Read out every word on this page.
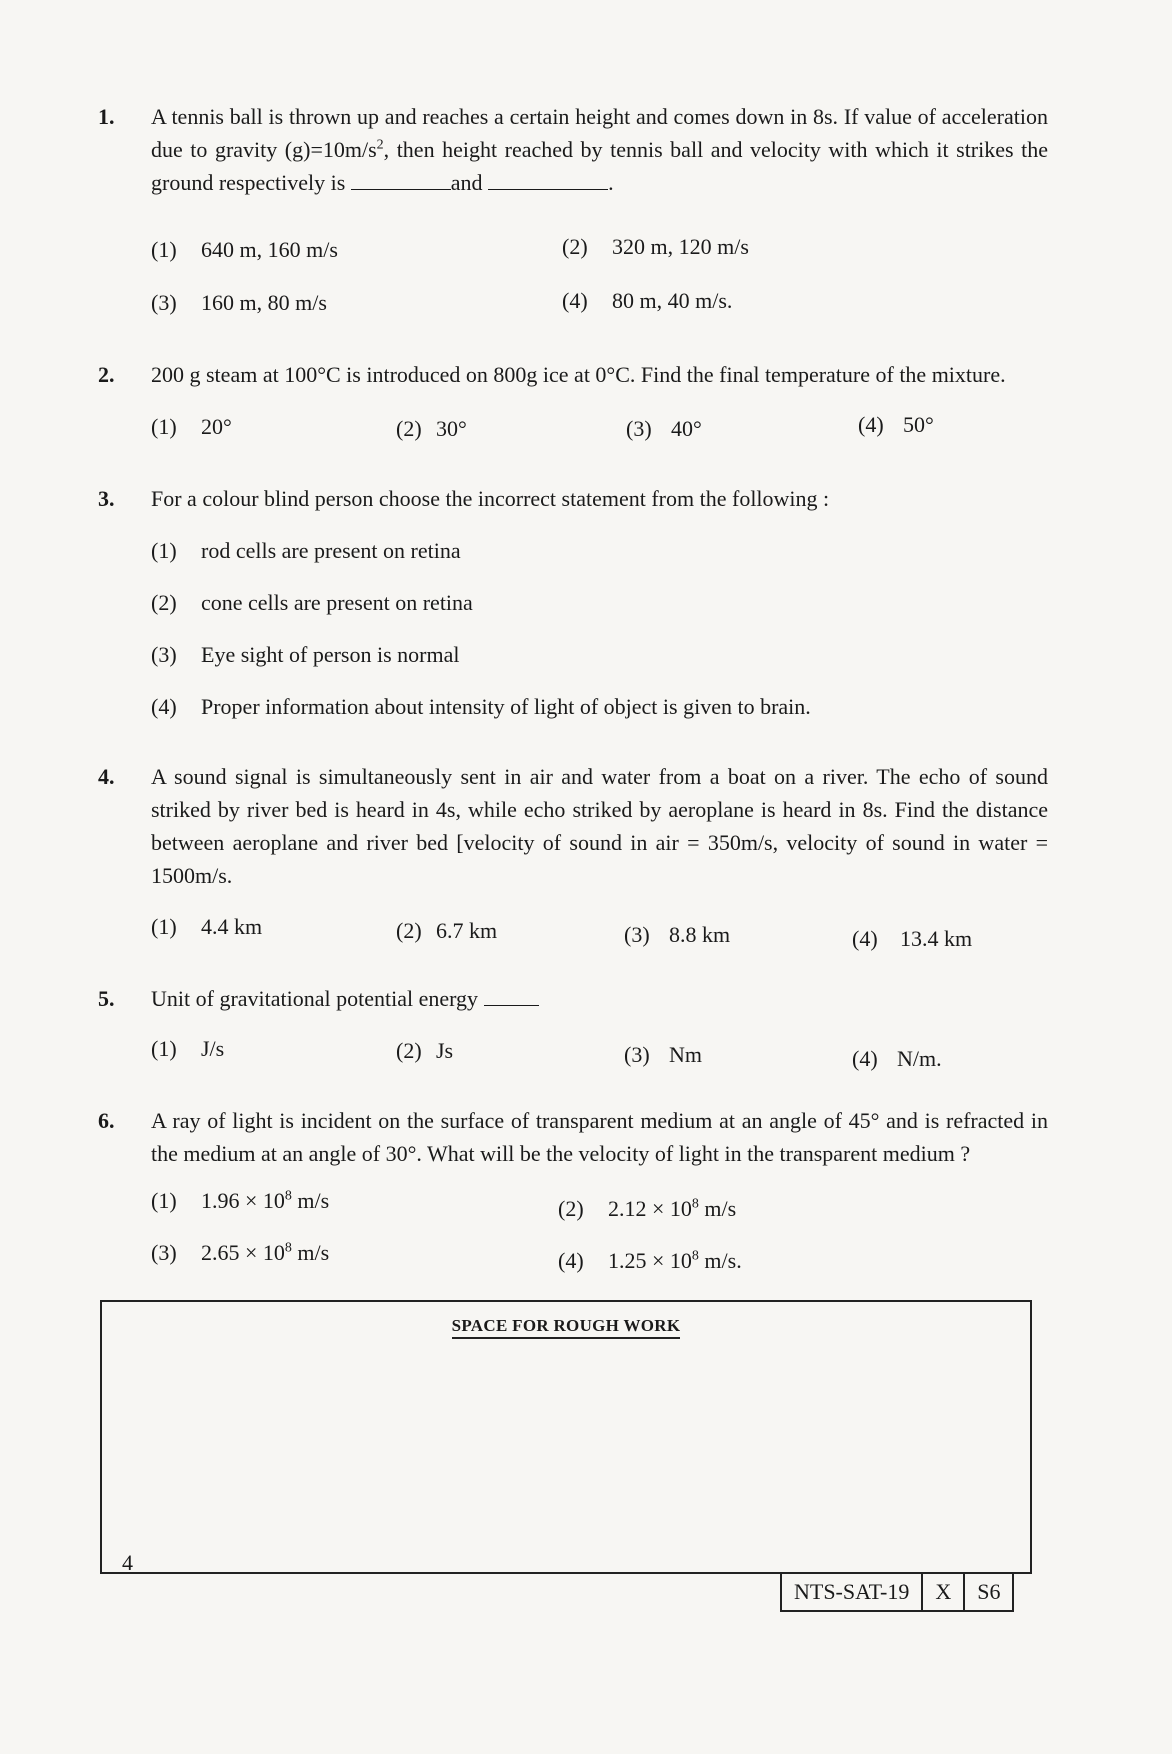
1.	A tennis ball is thrown up and reaches a certain height and comes down in 8s. If value of acceleration due to gravity $(g)=10m/s^2$, then height reached by tennis ball and velocity with which it strikes the ground respectively is	and	.
(1) 640 m, 160 m/s	(2) 320 m, 120 m/s
(3) 160 m, 80 m/s	(4) 80 m, 40 m/s.
2.	200 g steam at 100°C is introduced on 800g ice at 0°C. Find the final temperature of the mixture.
(1) 20°	(2) 30°	(3) 40°	(4) 50°
3.	For a colour blind person choose the incorrect statement from the following :
(1) rod cells are present on retina
(2) cone cells are present on retina
(3) Eye sight of person is normal
(4) Proper information about intensity of light of object is given to brain.
4.	A sound signal is simultaneously sent in air and water from a boat on a river. The echo of sound striked by river bed is heard in 4s, while echo striked by aeroplane is heard in 8s. Find the distance between aeroplane and river bed [velocity of sound in air = 350m/s, velocity of sound in water = 1500m/s.
(1) 4.4 km	(2) 6.7 km	(3) 8.8 km	(4) 13.4 km
5.	Unit of gravitational potential energy
(1) J/s	(2) Js	(3) Nm	(4) N/m.
6.	A ray of light is incident on the surface of transparent medium at an angle of 45° and is refracted in the medium at an angle of 30°. What will be the velocity of light in the transparent medium ?
(1) $1.96 \times 10^8$ m/s	(2) $2.12 \times 10^8$ m/s
(3) $2.65 \times 10^8$ m/s	(4) $1.25 \times 10^8$ m/s.
SPACE FOR ROUGH WORK
4
NTS-SAT-19	X	S6
